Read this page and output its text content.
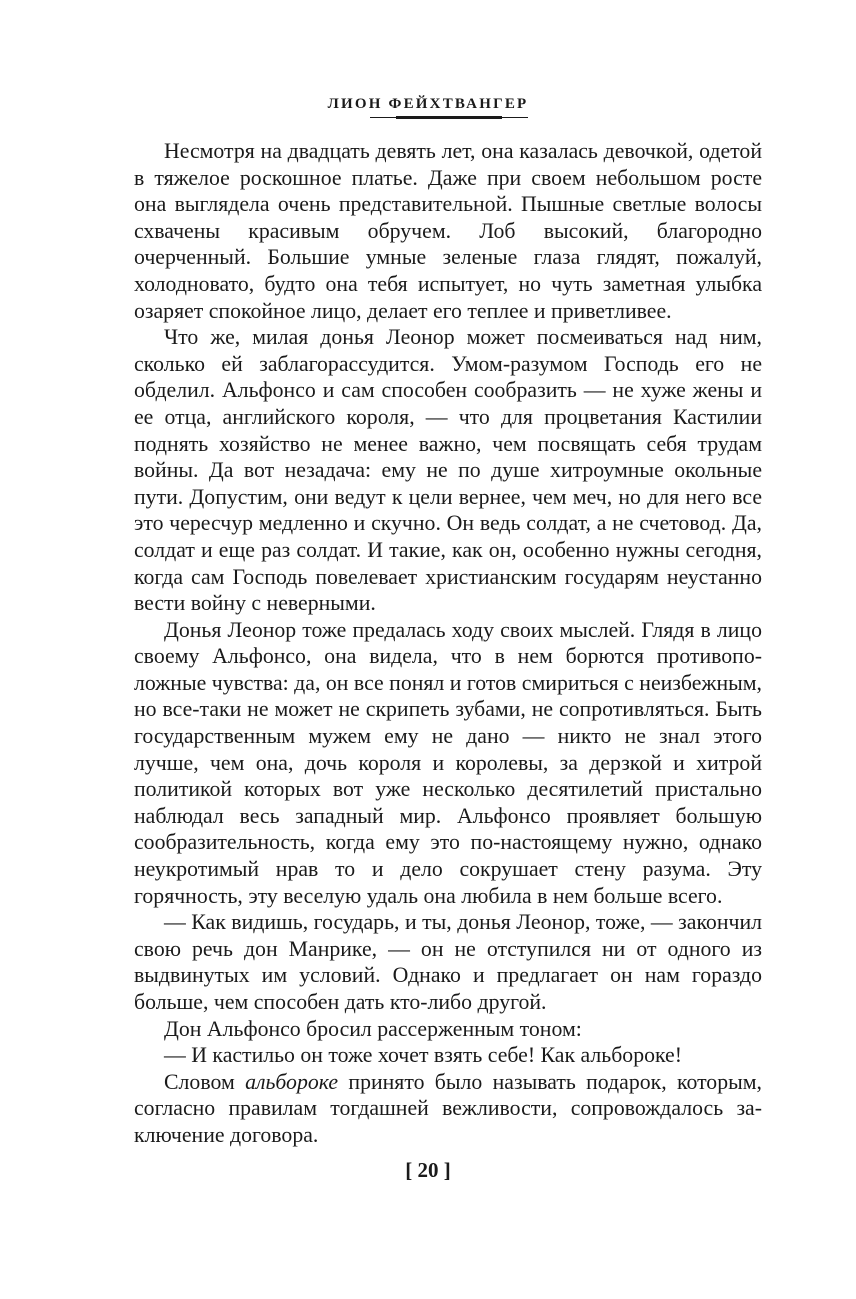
ЛИОН ФЕЙХТВАНГЕР

Несмотря на двадцать девять лет, она казалась девочкой, одетой в тяжелое роскошное платье. Даже при своем небольшом росте она выглядела очень представительной. Пышные светлые волосы схвачены красивым обручем. Лоб высокий, благородно очерченный. Большие умные зеленые глаза глядят, пожалуй, холодновато, будто она тебя испытует, но чуть заметная улыбка озаряет спокойное лицо, делает его теплее и приветливее.

Что же, милая донья Леонор может посмеиваться над ним, сколько ей заблагорассудится. Умом-разумом Господь его не обделил. Альфонсо и сам способен сообразить — не хуже жены и ее отца, английского короля, — что для процветания Кастилии поднять хозяйство не менее важно, чем посвящать себя трудам войны. Да вот незадача: ему не по душе хитроумные окольные пути. Допустим, они ведут к цели вернее, чем меч, но для него все это чересчур медленно и скучно. Он ведь солдат, а не счетовод. Да, солдат и еще раз солдат. И такие, как он, особенно нужны сегодня, когда сам Господь повелевает христианским государям неустанно вести войну с неверными.

Донья Леонор тоже предалась ходу своих мыслей. Глядя в лицо своему Альфонсо, она видела, что в нем борются противоположные чувства: да, он все понял и готов смириться с неизбежным, но все-таки не может не скрипеть зубами, не сопротивляться. Быть государственным мужем ему не дано — никто не знал этого лучше, чем она, дочь короля и королевы, за дерзкой и хитрой политикой которых вот уже несколько десятилетий пристально наблюдал весь западный мир. Альфонсо проявляет большую сообразительность, когда ему это по-настоящему нужно, однако неукротимый нрав то и дело сокрушает стену разума. Эту горячность, эту веселую удаль она любила в нем больше всего.

— Как видишь, государь, и ты, донья Леонор, тоже, — закончил свою речь дон Манрике, — он не отступился ни от одного из выдвинутых им условий. Однако и предлагает он нам гораздо больше, чем способен дать кто-либо другой.

Дон Альфонсо бросил рассерженным тоном:

— И кастильо он тоже хочет взять себе! Как альбороке!

Словом альбороке принято было называть подарок, которым, согласно правилам тогдашней вежливости, сопровождалось заключение договора.

[ 20 ]
